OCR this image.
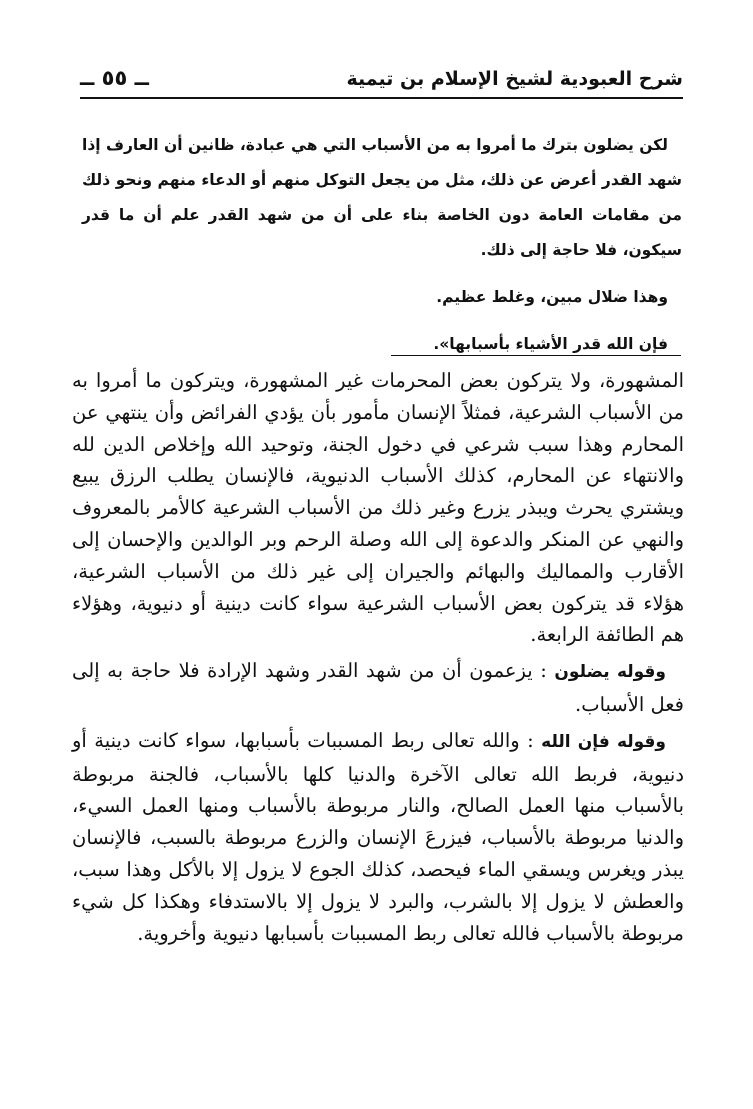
شرح العبودية لشيخ الإسلام بن تيمية
ــ ٥٥ ــ

لكن يضلون بترك ما أمروا به من الأسباب التي هي عبادة، ظانين أن العارف إذا شهد القدر أعرض عن ذلك، مثل من يجعل التوكل منهم أو الدعاء منهم ونحو ذلك من مقامات العامة دون الخاصة بناء على أن من شهد القدر علم أن ما قدر سيكون، فلا حاجة إلى ذلك.

وهذا ضلال مبين، وغلط عظيم.

فإن الله قدر الأشياء بأسبابها».

المشهورة، ولا يتركون بعض المحرمات غير المشهورة، ويتركون ما أمروا به من الأسباب الشرعية، فمثلاً الإنسان مأمور بأن يؤدي الفرائض وأن ينتهي عن المحارم وهذا سبب شرعي في دخول الجنة، وتوحيد الله وإخلاص الدين لله والانتهاء عن المحارم، كذلك الأسباب الدنيوية، فالإنسان يطلب الرزق يبيع ويشتري يحرث ويبذر يزرع وغير ذلك من الأسباب الشرعية كالأمر بالمعروف والنهي عن المنكر والدعوة إلى الله وصلة الرحم وبر الوالدين والإحسان إلى الأقارب والمماليك والبهائم والجيران إلى غير ذلك من الأسباب الشرعية، هؤلاء قد يتركون بعض الأسباب الشرعية سواء كانت دينية أو دنيوية، وهؤلاء هم الطائفة الرابعة.

وقوله يضلون : يزعمون أن من شهد القدر وشهد الإرادة فلا حاجة به إلى فعل الأسباب.

وقوله فإن الله : والله تعالى ربط المسببات بأسبابها، سواء كانت دينية أو دنيوية، فربط الله تعالى الآخرة والدنيا كلها بالأسباب، فالجنة مربوطة بالأسباب منها العمل الصالح، والنار مربوطة بالأسباب ومنها العمل السيء، والدنيا مربوطة بالأسباب، فيزرعَ الإنسان والزرع مربوطة بالسبب، فالإنسان يبذر ويغرس ويسقي الماء فيحصد، كذلك الجوع لا يزول إلا بالأكل وهذا سبب، والعطش لا يزول إلا بالشرب، والبرد لا يزول إلا بالاستدفاء وهكذا كل شيء مربوطة بالأسباب فالله تعالى ربط المسببات بأسبابها دنيوية وأخروية.
